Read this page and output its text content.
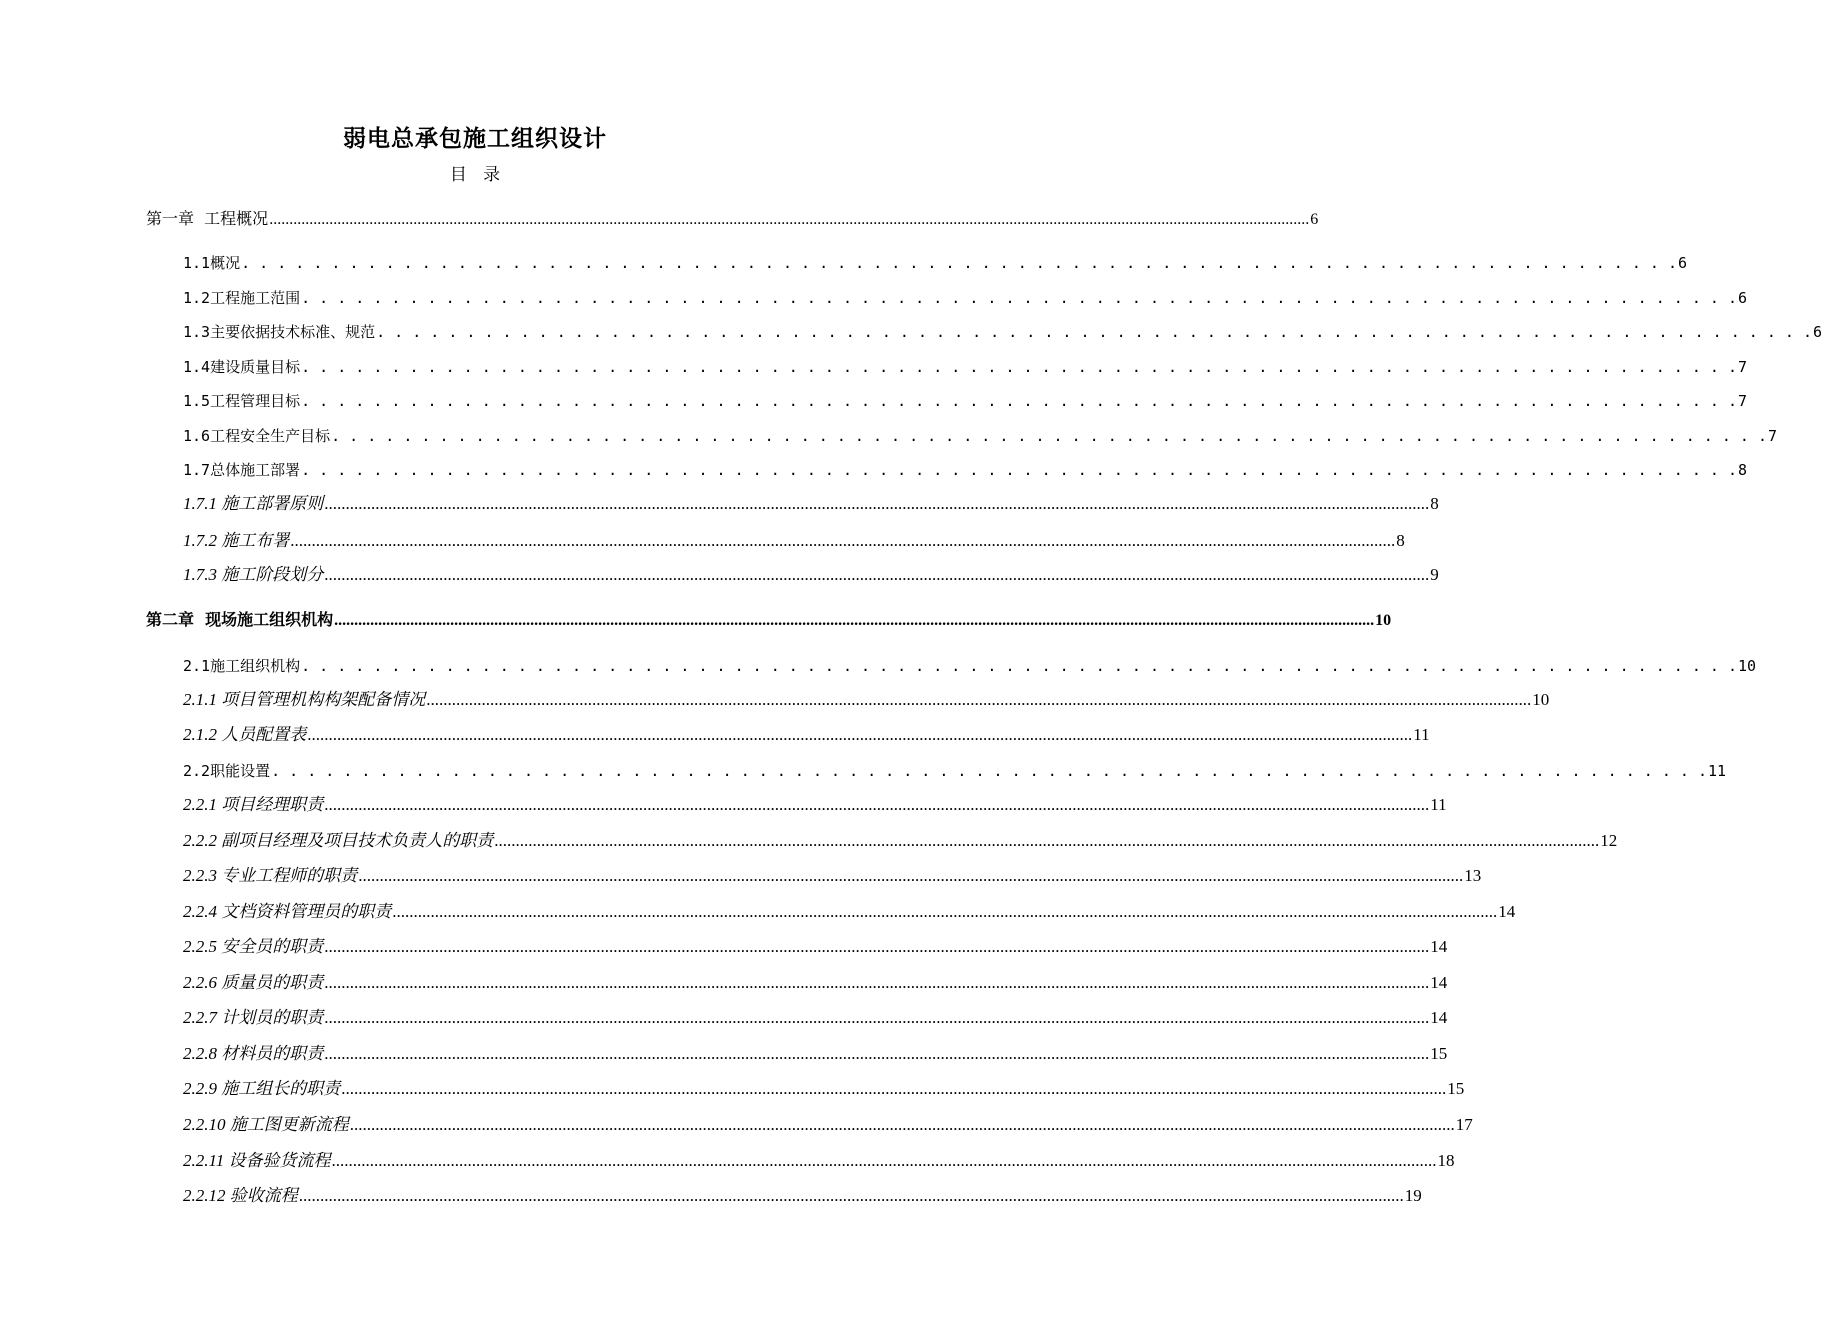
弱电总承包施工组织设计
目   录
第一章  工程概况 .................................................................................................................................................................................................................................................................... 6
1.1概况 . . . . . . . . . . . . . . . . . . . . . . . . . . . . . . . . . . . . . . . . . . . . . . . . . . . . . . . . . . . . . . . . . . . . . . . . . . . . . . . . 6
1.2工程施工范围 . . . . . . . . . . . . . . . . . . . . . . . . . . . . . . . . . . . . . . . . . . . . . . . . . . . . . . . . . . . . . . . . . . . . . . . . . . . . . . . . 6
1.3主要依据技术标准、规范 . . . . . . . . . . . . . . . . . . . . . . . . . . . . . . . . . . . . . . . . . . . . . . . . . . . . . . . . . . . . . . . . . . . . . . . . . . . . . . . . 6
1.4建设质量目标 . . . . . . . . . . . . . . . . . . . . . . . . . . . . . . . . . . . . . . . . . . . . . . . . . . . . . . . . . . . . . . . . . . . . . . . . . . . . . . . . 7
1.5工程管理目标 . . . . . . . . . . . . . . . . . . . . . . . . . . . . . . . . . . . . . . . . . . . . . . . . . . . . . . . . . . . . . . . . . . . . . . . . . . . . . . . . 7
1.6工程安全生产目标 . . . . . . . . . . . . . . . . . . . . . . . . . . . . . . . . . . . . . . . . . . . . . . . . . . . . . . . . . . . . . . . . . . . . . . . . . . . . . . . . 7
1.7总体施工部署 . . . . . . . . . . . . . . . . . . . . . . . . . . . . . . . . . . . . . . . . . . . . . . . . . . . . . . . . . . . . . . . . . . . . . . . . . . . . . . . . 8
1.7.1 施工部署原则 .................................................................................................................................................................................................................................................................... 8
1.7.2 施工布署 .................................................................................................................................................................................................................................................................... 8
1.7.3 施工阶段划分 .................................................................................................................................................................................................................................................................... 9
第二章  现场施工组织机构 .................................................................................................................................................................................................................................................................... 10
2.1施工组织机构 . . . . . . . . . . . . . . . . . . . . . . . . . . . . . . . . . . . . . . . . . . . . . . . . . . . . . . . . . . . . . . . . . . . . . . . . . . . . . . . . 10
2.1.1 项目管理机构构架配备情况 .................................................................................................................................................................................................................................................................... 10
2.1.2 人员配置表 .................................................................................................................................................................................................................................................................... 11
2.2职能设置 . . . . . . . . . . . . . . . . . . . . . . . . . . . . . . . . . . . . . . . . . . . . . . . . . . . . . . . . . . . . . . . . . . . . . . . . . . . . . . . . 11
2.2.1 项目经理职责 .................................................................................................................................................................................................................................................................... 11
2.2.2 副项目经理及项目技术负责人的职责 .................................................................................................................................................................................................................................................................... 12
2.2.3 专业工程师的职责 .................................................................................................................................................................................................................................................................... 13
2.2.4 文档资料管理员的职责 .................................................................................................................................................................................................................................................................... 14
2.2.5 安全员的职责 .................................................................................................................................................................................................................................................................... 14
2.2.6 质量员的职责 .................................................................................................................................................................................................................................................................... 14
2.2.7 计划员的职责 .................................................................................................................................................................................................................................................................... 14
2.2.8 材料员的职责 .................................................................................................................................................................................................................................................................... 15
2.2.9 施工组长的职责 .................................................................................................................................................................................................................................................................... 15
2.2.10 施工图更新流程 .................................................................................................................................................................................................................................................................... 17
2.2.11 设备验货流程 .................................................................................................................................................................................................................................................................... 18
2.2.12 验收流程 .................................................................................................................................................................................................................................................................... 19
